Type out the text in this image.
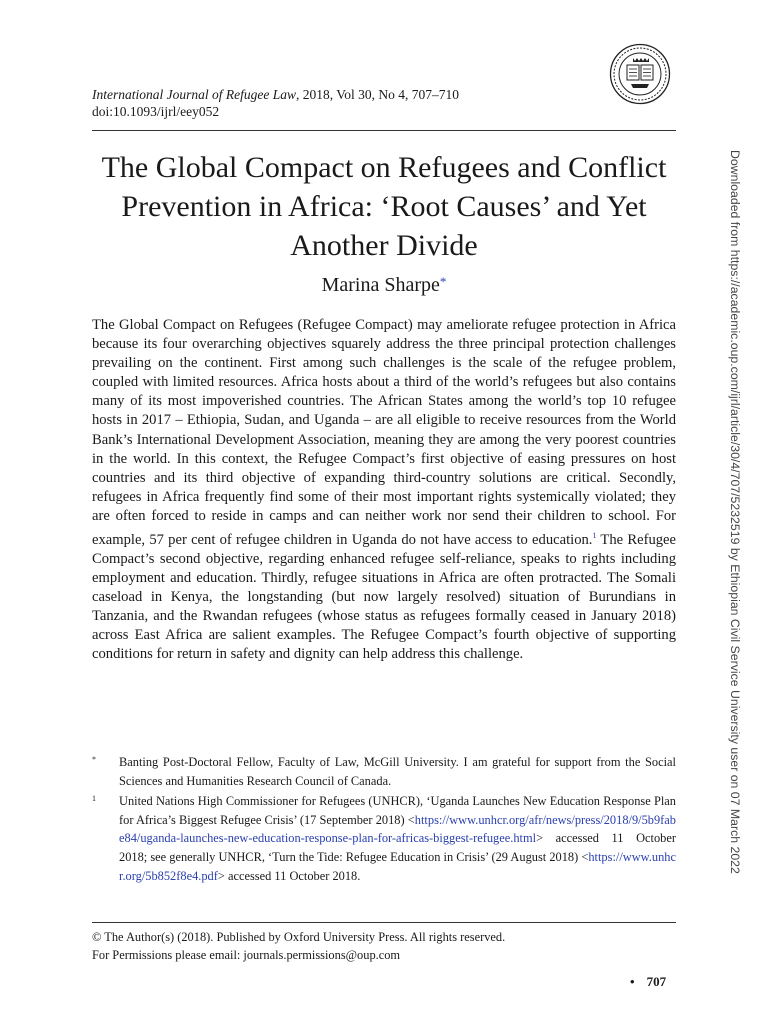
International Journal of Refugee Law, 2018, Vol 30, No 4, 707–710
doi:10.1093/ijrl/eey052
The Global Compact on Refugees and Conflict Prevention in Africa: ‘Root Causes’ and Yet Another Divide
Marina Sharpe*

The Global Compact on Refugees (Refugee Compact) may ameliorate refugee protection in Africa because its four overarching objectives squarely address the three principal protection challenges prevailing on the continent. First among such challenges is the scale of the refugee problem, coupled with limited resources. Africa hosts about a third of the world’s refugees but also contains many of its most impoverished countries. The African States among the world’s top 10 refugee hosts in 2017 – Ethiopia, Sudan, and Uganda – are all eligible to receive resources from the World Bank’s International Development Association, meaning they are among the very poorest countries in the world. In this context, the Refugee Compact’s first objective of easing pressures on host countries and its third objective of expanding third-country solutions are critical. Secondly, refugees in Africa frequently find some of their most important rights systemically violated; they are often forced to reside in camps and can neither work nor send their children to school. For example, 57 per cent of refugee children in Uganda do not have access to education.$^1$ The Refugee Compact’s second objective, regarding enhanced refugee self-reliance, speaks to rights including employment and education. Thirdly, refugee situations in Africa are often protracted. The Somali caseload in Kenya, the longstanding (but now largely resolved) situation of Burundians in Tanzania, and the Rwandan refugees (whose status as refugees formally ceased in January 2018) across East Africa are salient examples. The Refugee Compact’s fourth objective of supporting conditions for return in safety and dignity can help address this challenge.

* Banting Post-Doctoral Fellow, Faculty of Law, McGill University. I am grateful for support from the Social Sciences and Humanities Research Council of Canada.
1 United Nations High Commissioner for Refugees (UNHCR), ‘Uganda Launches New Education Response Plan for Africa’s Biggest Refugee Crisis’ (17 September 2018) <https://www.unhcr.org/afr/news/press/2018/9/5b9fabe84/uganda-launches-new-education-response-plan-for-africas-biggest-refugee.html> accessed 11 October 2018; see generally UNHCR, ‘Turn the Tide: Refugee Education in Crisis’ (29 August 2018) <https://www.unhcr.org/5b852f8e4.pdf> accessed 11 October 2018.
© The Author(s) (2018). Published by Oxford University Press. All rights reserved.
For Permissions please email: journals.permissions@oup.com
• 707
Downloaded from https://academic.oup.com/ijrl/article/30/4/707/5232519 by Ethiopian Civil Service University user on 07 March 2022
